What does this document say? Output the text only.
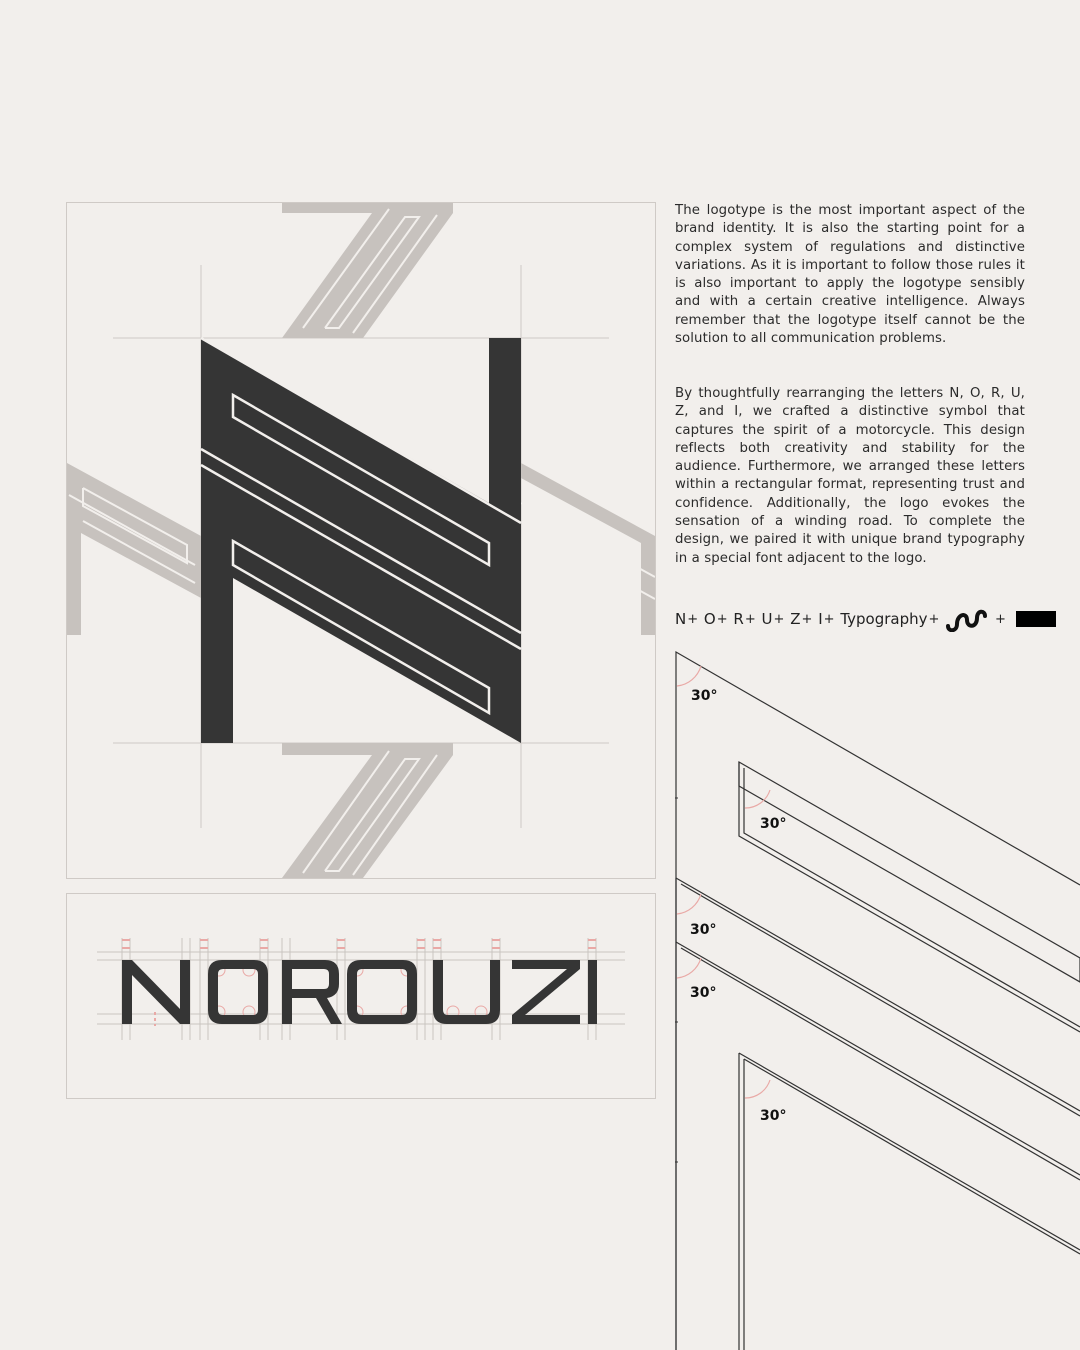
The logotype is the most important aspect of the brand identity. It is also the starting point for a complex system of regulations and distinctive variations. As it is important to follow those rules it is also important to apply the logotype sensibly and with a certain creative intelligence. Always remember that the logotype itself cannot be the solution to all communication problems.

By thoughtfully rearranging the letters N, O, R, U, Z, and I, we crafted a distinctive symbol that captures the spirit of a motorcycle. This design reflects both creativity and stability for the audience. Furthermore, we arranged these letters within a rectangular format, representing trust and confidence. Additionally, the logo evokes the sensation of a winding road. To complete the design, we paired it with unique brand typography in a special font adjacent to the logo.

N+ O+ R+ U+ Z+ I+ Typography+	+
30°
30°
30°
30°
30°
